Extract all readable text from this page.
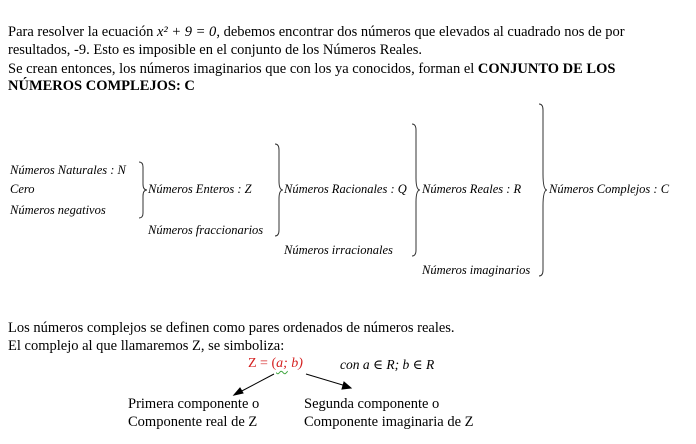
Para resolver la ecuación x² + 9 = 0, debemos encontrar dos números que elevados al cuadrado nos de por
resultados, -9. Esto es imposible en el conjunto de los Números Reales.
Se crean entonces, los números imaginarios que con los ya conocidos, forman el CONJUNTO DE LOS
NÚMEROS COMPLEJOS: C
Números Naturales : N
Cero
Números negativos
Números Enteros : Z
Números fraccionarios
Números Racionales : Q
Números irracionales
Números Reales : R
Números imaginarios
Números Complejos : C
Los números complejos se definen como pares ordenados de números reales.
El complejo al que llamaremos Z, se simboliza:
Z = (a; b)	con a ∈ R; b ∈ R
Primera componente o
Componente real de Z
Segunda componente o
Componente imaginaria de Z
